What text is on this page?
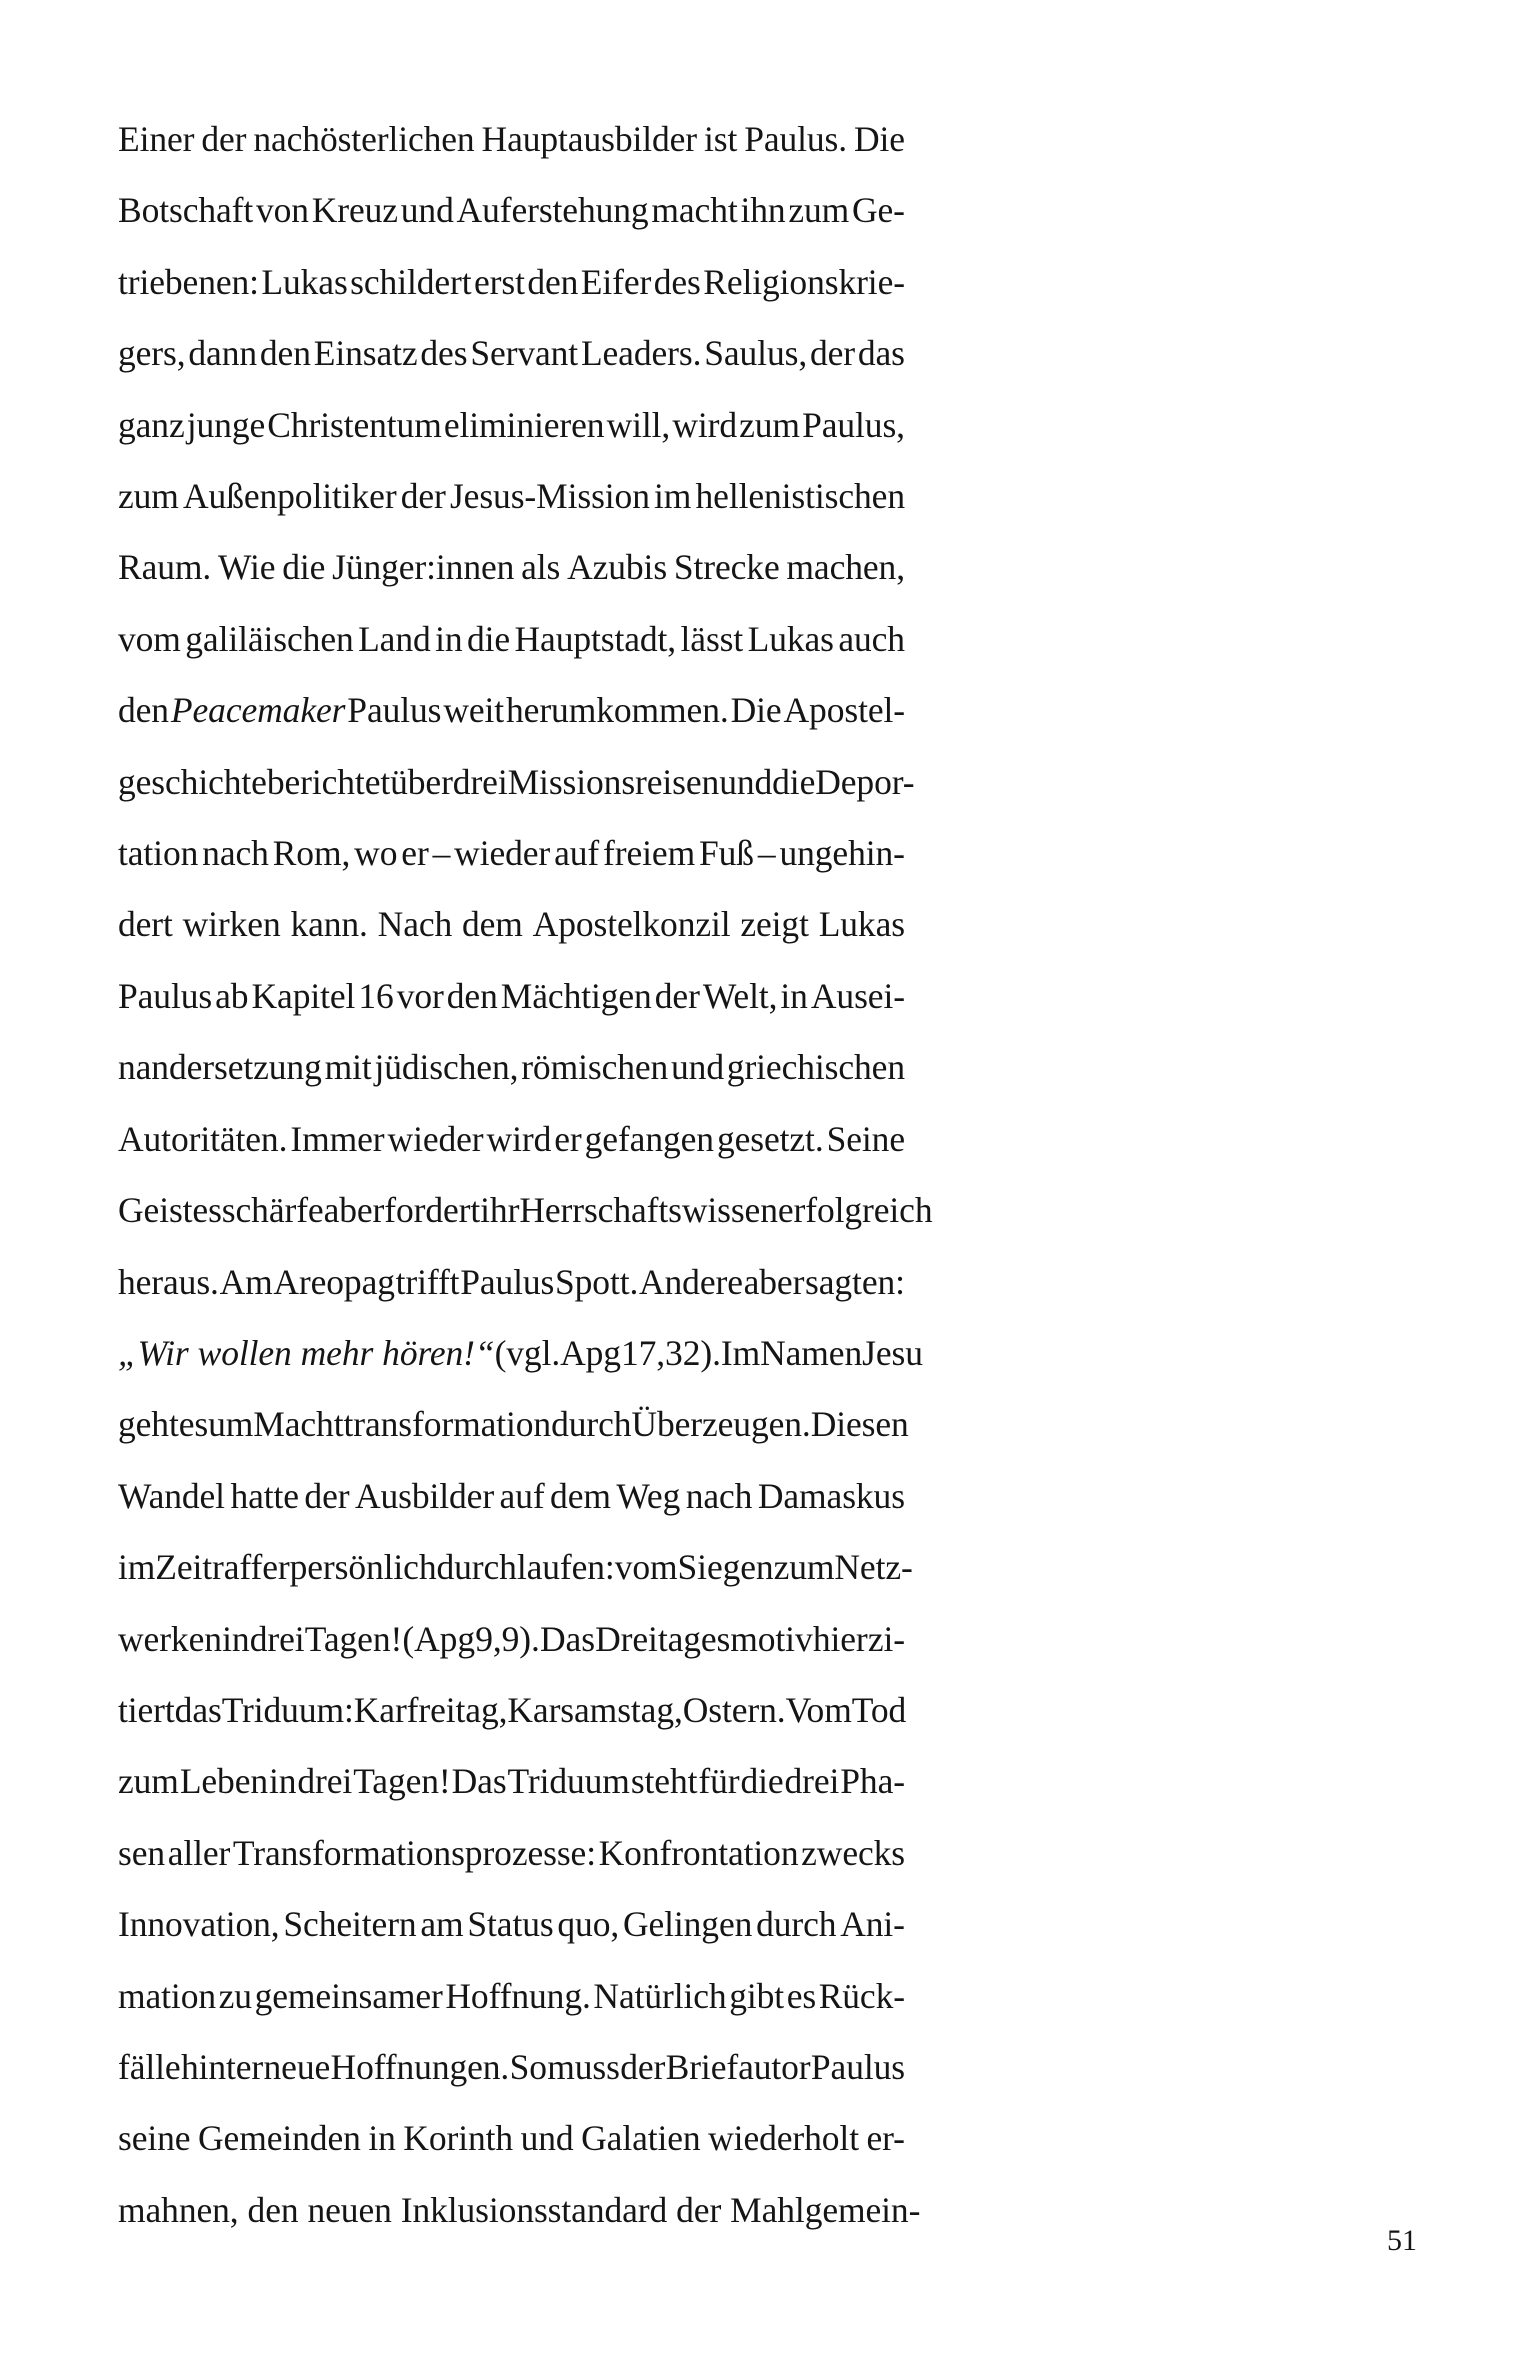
Einer der nachösterlichen Hauptausbilder ist Paulus. Die
Botschaft von Kreuz und Auferstehung macht ihn zum Ge-
triebenen: Lukas schildert erst den Eifer des Religionskrie-
gers, dann den Einsatz des Servant Leaders. Saulus, der das
ganz junge Christentum eliminieren will, wird zum Paulus,
zum Außenpolitiker der Jesus-Mission im hellenistischen
Raum. Wie die Jünger:innen als Azubis Strecke machen,
vom galiläischen Land in die Hauptstadt, lässt Lukas auch
den Peacemaker Paulus weit herumkommen. Die Apostel-
geschichte berichtet über drei Missionsreisen und die Depor-
tation nach Rom, wo er – wieder auf freiem Fuß – ungehin-
dert wirken kann. Nach dem Apostelkonzil zeigt Lukas
Paulus ab Kapitel 16 vor den Mächtigen der Welt, in Ausei-
nandersetzung mit jüdischen, römischen und griechischen
Autoritäten. Immer wieder wird er gefangen gesetzt. Seine
Geistesschärfe aber fordert ihr Herrschaftswissen erfolgreich
heraus. Am Areopag trifft Paulus Spott. Andere aber sagten:
„Wir wollen mehr hören!“ (vgl. Apg 17,32). Im Namen Jesu
geht es um Machttransformation durch Überzeugen. Diesen
Wandel hatte der Ausbilder auf dem Weg nach Damaskus
im Zeitraffer persönlich durchlaufen: vom Siegen zum Netz-
werken in drei Tagen! (Apg 9,9). Das Dreitagesmotiv hier zi-
tiert das Triduum: Karfreitag, Karsamstag, Ostern. Vom Tod
zum Leben in drei Tagen! Das Triduum steht für die drei Pha-
sen aller Transformationsprozesse: Konfrontation zwecks
Innovation, Scheitern am Status quo, Gelingen durch Ani-
mation zu gemeinsamer Hoffnung. Natürlich gibt es Rück-
fälle hinter neue Hoffnungen. So muss der Briefautor Paulus
seine Gemeinden in Korinth und Galatien wiederholt er-
mahnen,
den
neuen
Inklusionsstandard
der
Mahlgemein-
51
